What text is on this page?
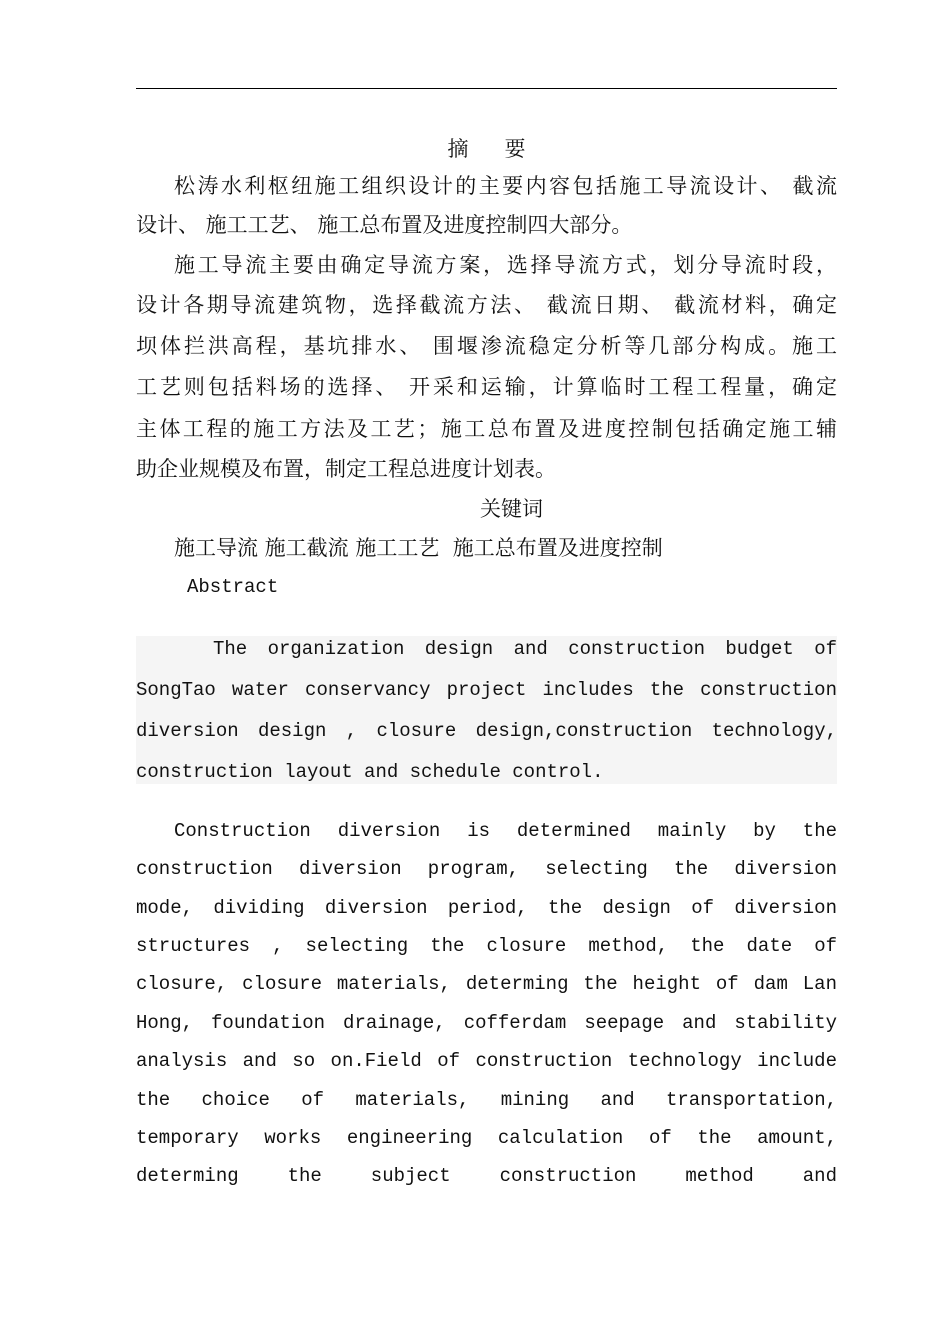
摘 要
松涛水利枢纽施工组织设计的主要内容包括施工导流设计、 截流
设计、 施工工艺、 施工总布置及进度控制四大部分。
施工导流主要由确定导流方案，选择导流方式，划分导流时段，
设计各期导流建筑物，选择截流方法、 截流日期、 截流材料，确定
坝体拦洪高程，基坑排水、 围堰渗流稳定分析等几部分构成。施工
工艺则包括料场的选择、 开采和运输，计算临时工程工程量，确定
主体工程的施工方法及工艺；施工总布置及进度控制包括确定施工辅
助企业规模及布置，制定工程总进度计划表。
关键词
施工导流 施工截流 施工工艺  施工总布置及进度控制
Abstract
The organization design and construction budget of
SongTao water conservancy project includes the construction
diversion design , closure design,construction technology,
construction layout and schedule control.
Construction diversion is determined mainly by the
construction diversion program, selecting the diversion
mode, dividing diversion period, the design of diversion
structures , selecting the closure method, the date of
closure, closure materials, determing the height of dam Lan
Hong, foundation drainage, cofferdam seepage and stability
analysis and so on.Field of construction technology include
the choice of materials, mining and transportation,
temporary works engineering calculation of the amount,
determing the subject construction method and
